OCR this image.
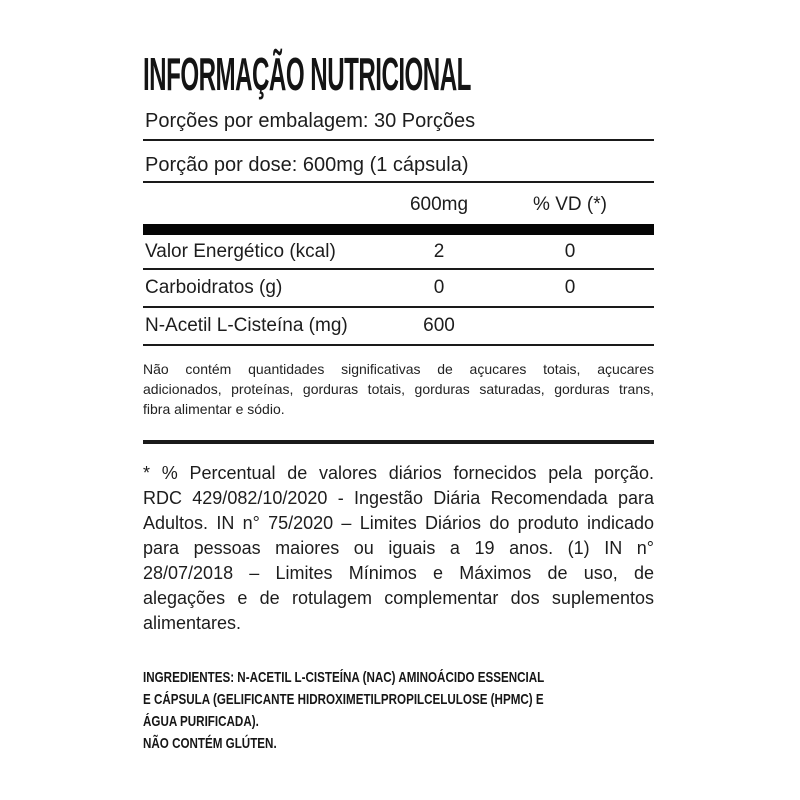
INFORMAÇÃO NUTRICIONAL
Porções por embalagem: 30 Porções
Porção por dose: 600mg (1 cápsula)
600mg	% VD (*)
Valor Energético (kcal)	2	0
Carboidratos (g)	0	0
N-Acetil L-Cisteína (mg)	600
Não contém quantidades significativas de açucares totais, açucares
adicionados, proteínas, gorduras totais, gorduras saturadas, gorduras trans,
fibra alimentar e sódio.
* % Percentual de valores diários fornecidos pela porção.
RDC 429/082/10/2020 - Ingestão Diária Recomendada para
Adultos. IN n° 75/2020 – Limites Diários do produto indicado
para pessoas maiores ou iguais a 19 anos. (1) IN n°
28/07/2018 – Limites Mínimos e Máximos de uso, de
alegações e de rotulagem complementar dos suplementos
alimentares.
INGREDIENTES: N-ACETIL L-CISTEÍNA (NAC) AMINOÁCIDO ESSENCIAL
E CÁPSULA (GELIFICANTE HIDROXIMETILPROPILCELULOSE (HPMC) E
ÁGUA PURIFICADA).
NÃO CONTÉM GLÚTEN.
